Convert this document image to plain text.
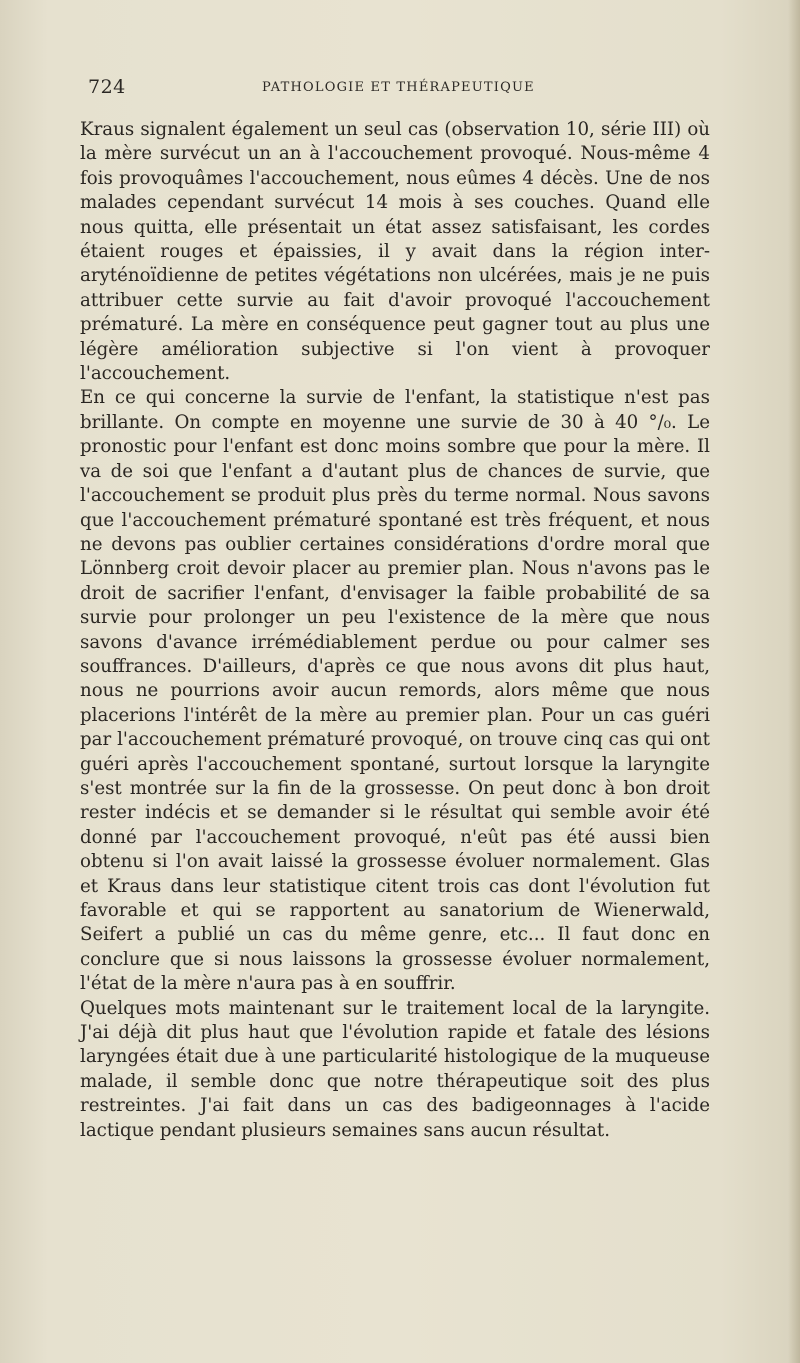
724	PATHOLOGIE ET THÉRAPEUTIQUE

Kraus signalent également un seul cas (observation 10, série III) où la mère survécut un an à l'accouchement provoqué. Nous-même 4 fois provoquâmes l'accouchement, nous eûmes 4 décès. Une de nos malades cependant survécut 14 mois à ses couches. Quand elle nous quitta, elle présentait un état assez satisfaisant, les cordes étaient rouges et épaissies, il y avait dans la région inter-aryténoïdienne de petites végétations non ulcérées, mais je ne puis attribuer cette survie au fait d'avoir provoqué l'accouchement prématuré. La mère en conséquence peut gagner tout au plus une légère amélioration subjective si l'on vient à provoquer l'accouchement.

En ce qui concerne la survie de l'enfant, la statistique n'est pas brillante. On compte en moyenne une survie de 30 à 40 °/₀. Le pronostic pour l'enfant est donc moins sombre que pour la mère. Il va de soi que l'enfant a d'autant plus de chances de survie, que l'accouchement se produit plus près du terme normal. Nous savons que l'accouchement prématuré spontané est très fréquent, et nous ne devons pas oublier certaines considérations d'ordre moral que Lönnberg croit devoir placer au premier plan. Nous n'avons pas le droit de sacrifier l'enfant, d'envisager la faible probabilité de sa survie pour prolonger un peu l'existence de la mère que nous savons d'avance irrémédiablement perdue ou pour calmer ses souffrances. D'ailleurs, d'après ce que nous avons dit plus haut, nous ne pourrions avoir aucun remords, alors même que nous placerions l'intérêt de la mère au premier plan. Pour un cas guéri par l'accouchement prématuré provoqué, on trouve cinq cas qui ont guéri après l'accouchement spontané, surtout lorsque la laryngite s'est montrée sur la fin de la grossesse. On peut donc à bon droit rester indécis et se demander si le résultat qui semble avoir été donné par l'accouchement provoqué, n'eût pas été aussi bien obtenu si l'on avait laissé la grossesse évoluer normalement. Glas et Kraus dans leur statistique citent trois cas dont l'évolution fut favorable et qui se rapportent au sanatorium de Wienerwald, Seifert a publié un cas du même genre, etc... Il faut donc en conclure que si nous laissons la grossesse évoluer normalement, l'état de la mère n'aura pas à en souffrir.

Quelques mots maintenant sur le traitement local de la laryngite. J'ai déjà dit plus haut que l'évolution rapide et fatale des lésions laryngées était due à une particularité histologique de la muqueuse malade, il semble donc que notre thérapeutique soit des plus restreintes. J'ai fait dans un cas des badigeonnages à l'acide lactique pendant plusieurs semaines sans aucun résultat.
